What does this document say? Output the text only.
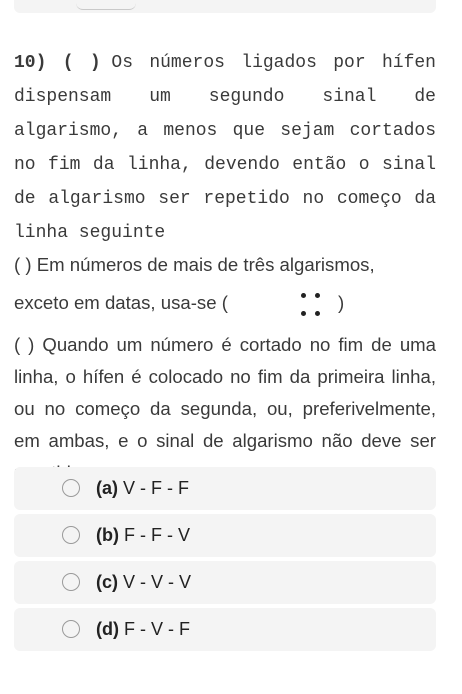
10) ( ) Os números ligados por hífen dispensam um segundo sinal de algarismo, a menos que sejam cortados no fim da linha, devendo então o sinal de algarismo ser repetido no começo da linha seguinte

( ) Em números de mais de três algarismos,

exceto em datas, usa-se (	)

( ) Quando um número é cortado no fim de uma linha, o hífen é colocado no fim da primeira linha, ou no começo da segunda, ou, preferivelmente, em ambas, e o sinal de algarismo não deve ser

(a) V - F - F
(b) F - F - V
(c) V - V - V
(d) F - V - F
